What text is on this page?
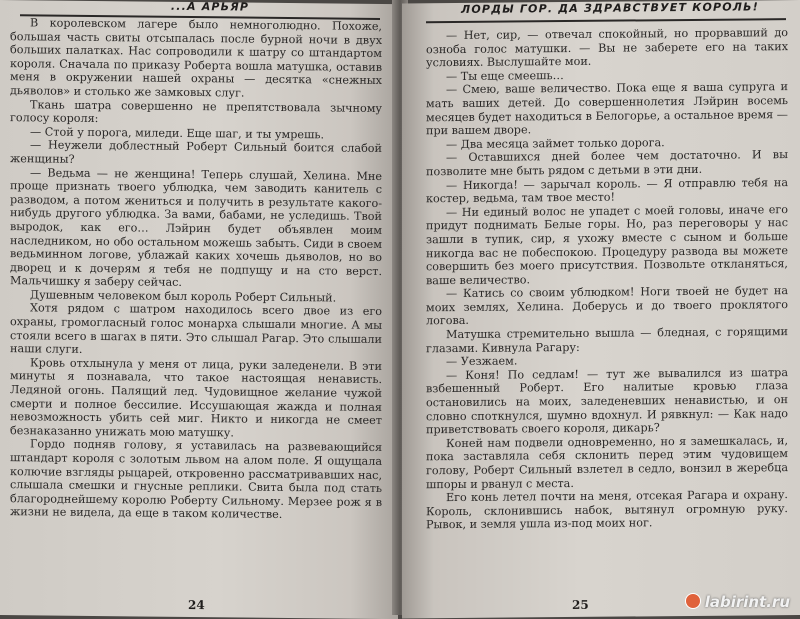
...А АРЬЯР

В королевском лагере было немноголюдно. Похоже, большая часть свиты отсыпалась после бурной ночи в двух больших палатках. Нас сопроводили к шатру со штандартом короля. Сначала по приказу Роберта вошла матушка, оставив меня в окружении нашей охраны — десятка «снежных дьяволов» и столько же замковых слуг.

Ткань шатра совершенно не препятствовала зычному голосу короля:

— Стой у порога, миледи. Еще шаг, и ты умрешь.

— Неужели доблестный Роберт Сильный боится слабой женщины?

— Ведьма — не женщина! Теперь слушай, Хелина. Мне проще признать твоего ублюдка, чем заводить канитель с разводом, а потом жениться и получить в результате какого-нибудь другого ублюдка. За вами, бабами, не уследишь. Твой выродок, как его… Лэйрин будет объявлен моим наследником, но обо остальном можешь забыть. Сиди в своем ведьминном логове, ублажай каких хочешь дьяволов, но во дворец и к дочерям я тебя не подпущу и на сто верст. Мальчишку я заберу сейчас.

Душевным человеком был король Роберт Сильный.

Хотя рядом с шатром находилось всего двое из его охраны, громогласный голос монарха слышали многие. А мы стояли всего в шагах в пяти. Это слышал Рагар. Это слышали наши слуги.

Кровь отхлынула у меня от лица, руки заледенели. В эти минуты я познавала, что такое настоящая ненависть. Ледяной огонь. Палящий лед. Чудовищное желание чужой смерти и полное бессилие. Иссушающая жажда и полная невозможность убить сей миг. Никто и никогда не смеет безнаказанно унижать мою матушку.

Гордо подняв голову, я уставилась на развевающийся штандарт короля с золотым львом на алом поле. Я ощущала колючие взгляды рыцарей, откровенно рассматривавших нас, слышала смешки и гнусные реплики. Свита была под стать благороднейшему королю Роберту Сильному. Мерзее рож я в жизни не видела, да еще в таком количестве.

24
ЛОРДЫ ГОР. ДА ЗДРАВСТВУЕТ КОРОЛЬ!

— Нет, сир, — отвечал спокойный, но прорвавший до озноба голос матушки. — Вы не заберете его на таких условиях. Выслушайте мои.

— Ты еще смеешь…

— Смею, ваше величество. Пока еще я ваша супруга и мать ваших детей. До совершеннолетия Лэйрин восемь месяцев будет находиться в Белогорье, а остальное время — при вашем дворе.

— Два месяца займет только дорога.

— Оставшихся дней более чем достаточно. И вы позволите мне быть рядом с детьми в эти дни.

— Никогда! — зарычал король. — Я отправлю тебя на костер, ведьма, там твое место!

— Ни единый волос не упадет с моей головы, иначе его придут поднимать Белые горы. Но, раз переговоры у нас зашли в тупик, сир, я ухожу вместе с сыном и больше никогда вас не побеспокою. Процедуру развода вы можете совершить без моего присутствия. Позвольте откланяться, ваше величество.

— Катись со своим ублюдком! Ноги твоей не будет на моих землях, Хелина. Доберусь и до твоего проклятого логова.

Матушка стремительно вышла — бледная, с горящими глазами. Кивнула Рагару:

— Уезжаем.

— Коня! По седлам! — тут же вывалился из шатра взбешенный Роберт. Его налитые кровью глаза остановились на моих, заледеневших ненавистью, и он словно споткнулся, шумно вдохнул. И рявкнул: — Как надо приветствовать своего короля, дикарь?

Коней нам подвели одновременно, но я замешкалась, и, пока заставляла себя склонить перед этим чудовищем голову, Роберт Сильный взлетел в седло, вонзил в жеребца шпоры и рванул с места.

Его конь летел почти на меня, отсекая Рагара и охрану. Король, склонившись набок, вытянул огромную руку. Рывок, и земля ушла из-под моих ног.

25	labirint.ru
